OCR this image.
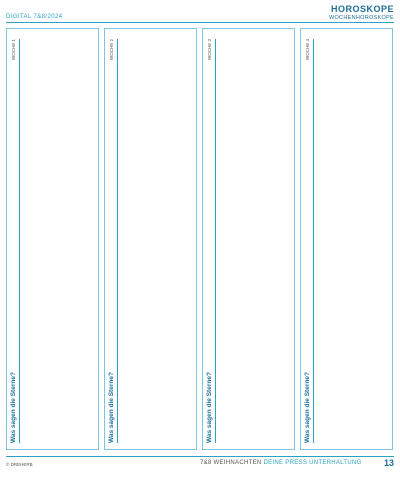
DIGITAL 7&8/2024
HOROSKOPE
WOCHENHOROSKOPE
Was sagen die Sterne?
WOCHE 1
Was sagen die Sterne?
WOCHE 2
Was sagen die Sterne?
WOCHE 3
Was sagen die Sterne?
WOCHE 4
© DREHERB	7&8 WEIHNACHTEN DEINE PRESS UNTERHALTUNG 13
